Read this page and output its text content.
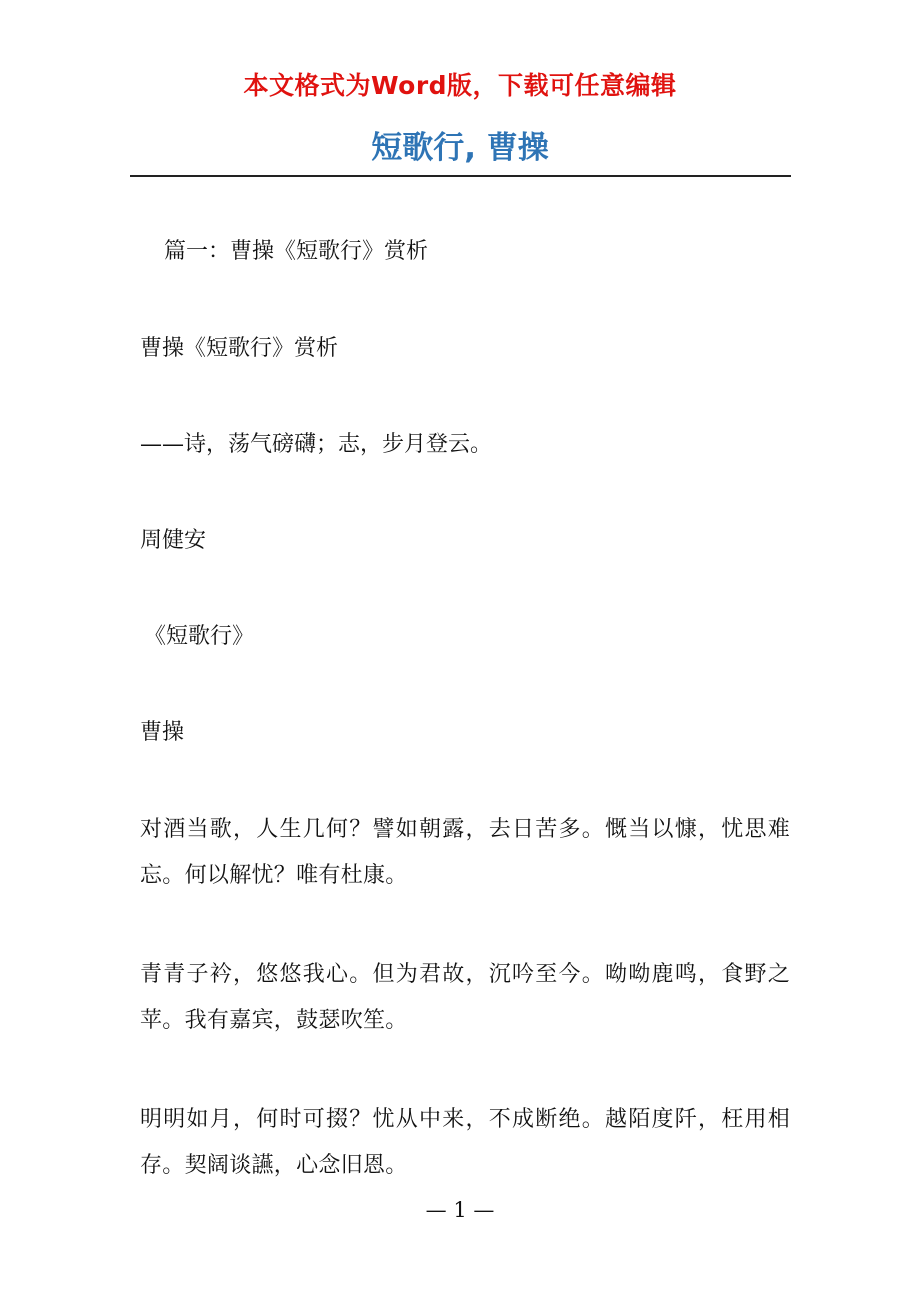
本文格式为Word版，下载可任意编辑

短歌行, 曹操

篇一：曹操《短歌行》赏析

曹操《短歌行》赏析

——诗，荡气磅礴；志，步月登云。

周健安

《短歌行》

曹操

对酒当歌，人生几何？譬如朝露，去日苦多。慨当以慷，忧思难忘。何以解忧？唯有杜康。

青青子衿，悠悠我心。但为君故，沉吟至今。呦呦鹿鸣，食野之苹。我有嘉宾，鼓瑟吹笙。

明明如月，何时可掇？忧从中来，不成断绝。越陌度阡，枉用相存。契阔谈讌，心念旧恩。

— 1 —
